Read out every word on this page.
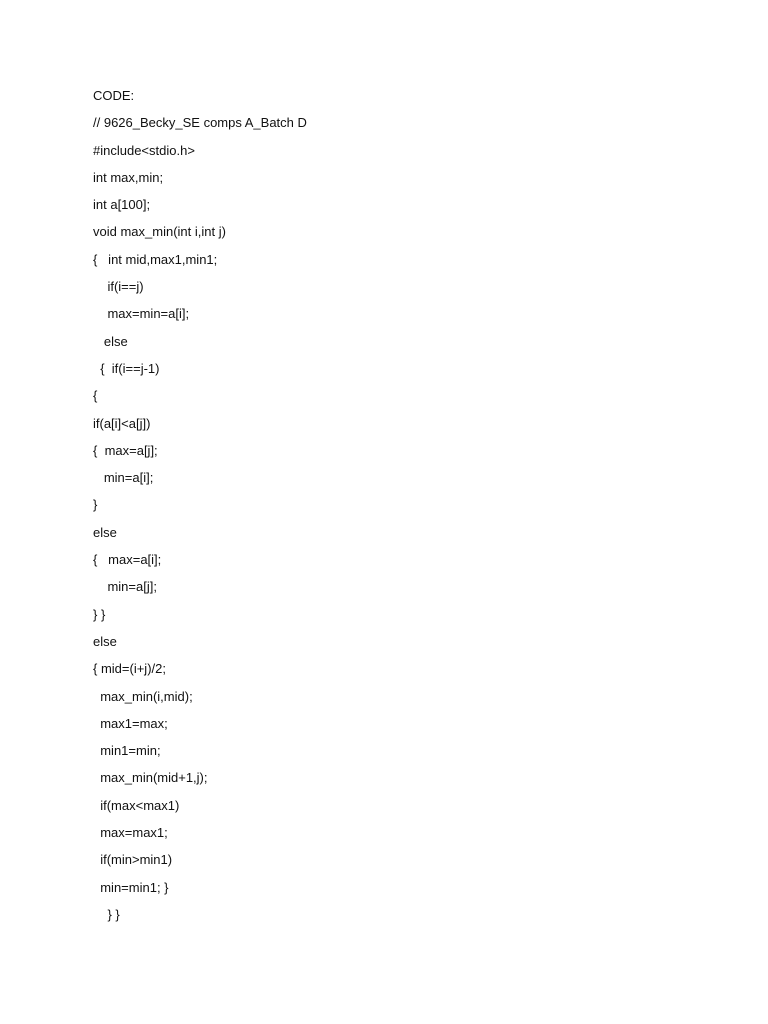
CODE:
// 9626_Becky_SE comps A_Batch D
#include<stdio.h>
int max,min;
int a[100];
void max_min(int i,int j)
{   int mid,max1,min1;
if(i==j)
max=min=a[i];
else
{  if(i==j-1)
{
if(a[i]<a[j])
{  max=a[j];
min=a[i];
}
else
{   max=a[i];
min=a[j];
} }
else
{ mid=(i+j)/2;
max_min(i,mid);
max1=max;
min1=min;
max_min(mid+1,j);
if(max<max1)
max=max1;
if(min>min1)
min=min1; }
} }
